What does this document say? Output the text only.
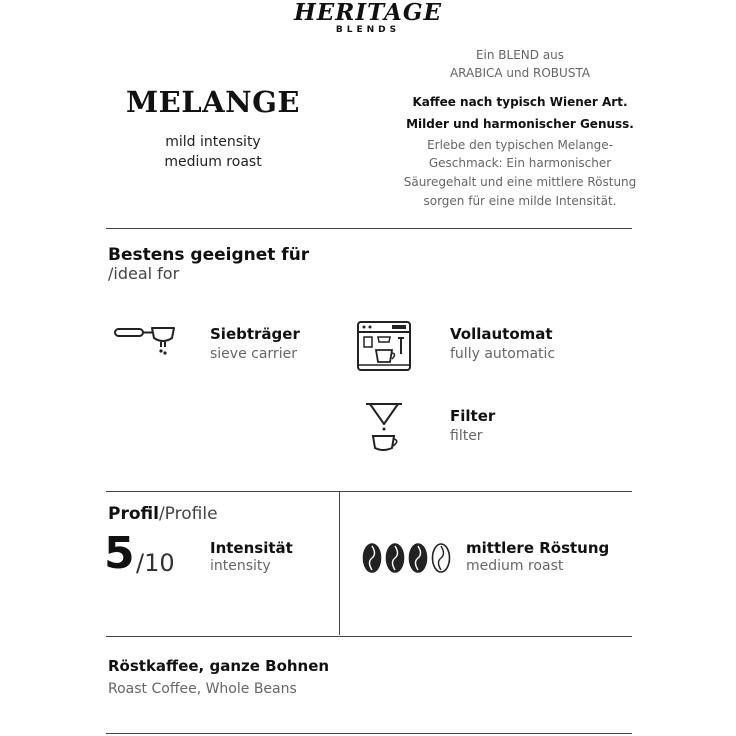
HERITAGE
BLENDS
MELANGE
mild intensity
medium roast
Ein BLEND aus
ARABICA und ROBUSTA
Kaffee nach typisch Wiener Art.
Milder und harmonischer Genuss.
Erlebe den typischen Melange-
Geschmack: Ein harmonischer
Säuregehalt und eine mittlere Röstung
sorgen für eine milde Intensität.
Bestens geeignet für
/ideal for
Siebträger
sieve carrier
Vollautomat
fully automatic
Filter
filter
Profil/Profile
5 /10
Intensität
intensity
mittlere Röstung
medium roast
Röstkaffee, ganze Bohnen
Roast Coffee, Whole Beans
